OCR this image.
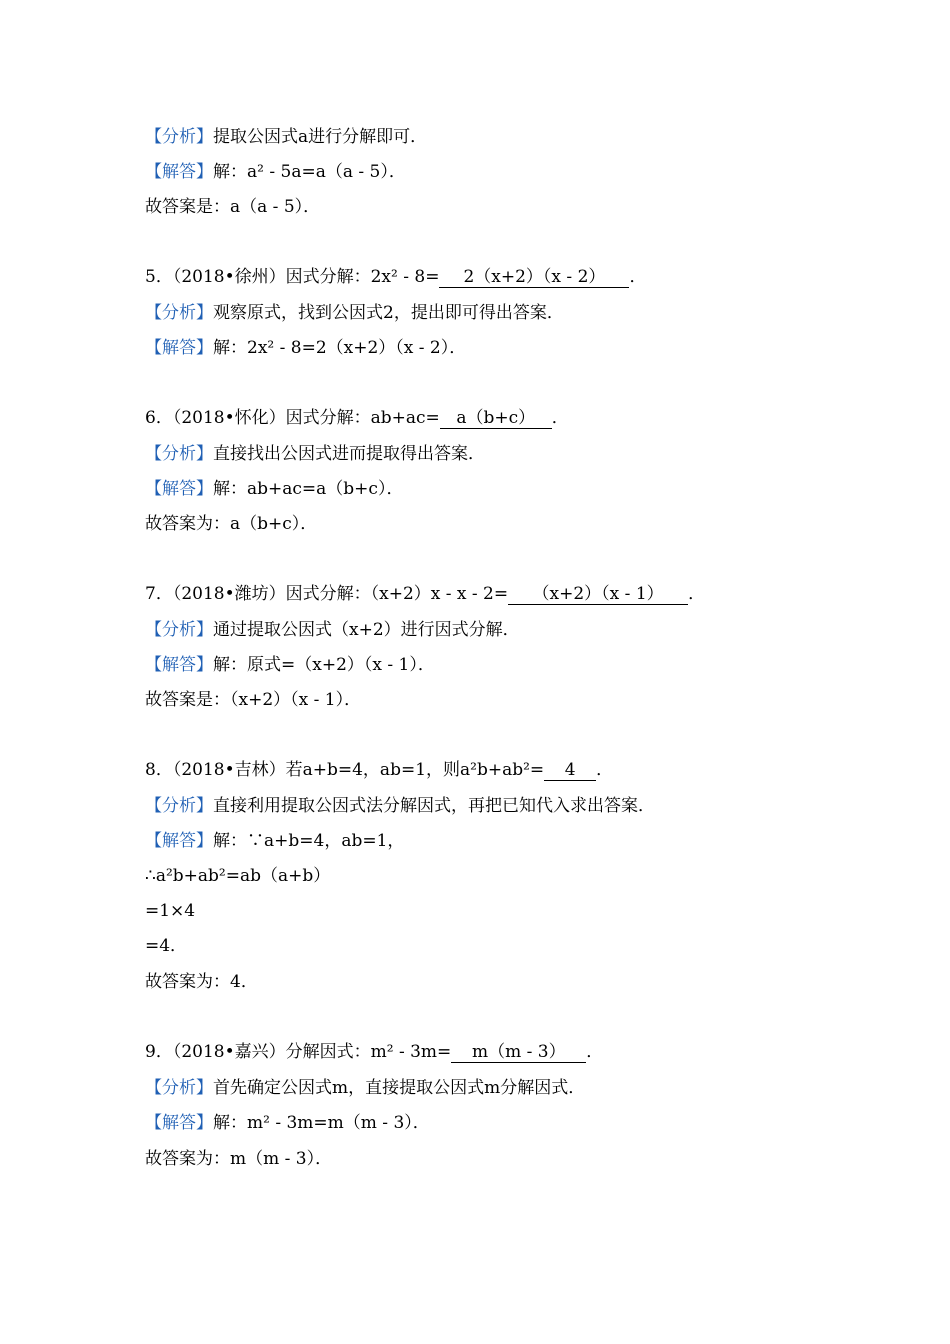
【分析】提取公因式a进行分解即可．
【解答】解：a² ‐ 5a=a（a ‐ 5）．
故答案是：a（a ‐ 5）．
5．（2018•徐州）因式分解：2x² ‐ 8= 2（x+2）（x ‐ 2） ．
【分析】观察原式，找到公因式2，提出即可得出答案．
【解答】解：2x² ‐ 8=2（x+2）（x ‐ 2）．
6．（2018•怀化）因式分解：ab+ac= a（b+c） ．
【分析】直接找出公因式进而提取得出答案．
【解答】解：ab+ac=a（b+c）．
故答案为：a（b+c）．
7．（2018•潍坊）因式分解：（x+2）x ‐ x ‐ 2= （x+2）（x ‐ 1） ．
【分析】通过提取公因式（x+2）进行因式分解．
【解答】解：原式=（x+2）（x ‐ 1）．
故答案是：（x+2）（x ‐ 1）．
8．（2018•吉林）若a+b=4，ab=1，则a²b+ab²= 4 ．
【分析】直接利用提取公因式法分解因式，再把已知代入求出答案．
【解答】解：∵a+b=4，ab=1，
∴a²b+ab²=ab（a+b）
=1×4
=4．
故答案为：4．
9．（2018•嘉兴）分解因式：m² ‐ 3m= m（m ‐ 3） ．
【分析】首先确定公因式m，直接提取公因式m分解因式．
【解答】解：m² ‐ 3m=m（m ‐ 3）．
故答案为：m（m ‐ 3）．
